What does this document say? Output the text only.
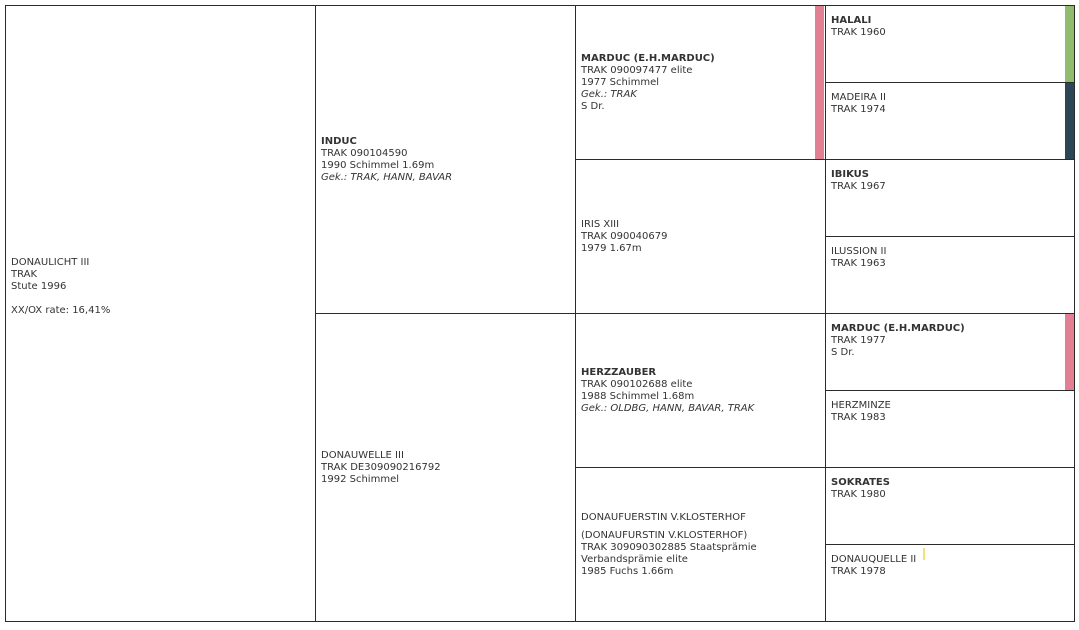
DONAULICHT III
TRAK
Stute 1996
XX/OX rate: 16,41%
INDUC
TRAK 090104590
1990 Schimmel 1.69m
Gek.: TRAK, HANN, BAVAR
DONAUWELLE III
TRAK DE309090216792
1992 Schimmel
MARDUC (E.H.MARDUC)
TRAK 090097477 elite
1977 Schimmel
Gek.: TRAK
S Dr.
IRIS XIII
TRAK 090040679
1979 1.67m
HERZZAUBER
TRAK 090102688 elite
1988 Schimmel 1.68m
Gek.: OLDBG, HANN, BAVAR, TRAK
DONAUFUERSTIN V.KLOSTERHOF
(DONAUFURSTIN V.KLOSTERHOF)
TRAK 309090302885 Staatsprämie
Verbandsprämie elite
1985 Fuchs 1.66m
HALALI
TRAK 1960
MADEIRA II
TRAK 1974
IBIKUS
TRAK 1967
ILUSSION II
TRAK 1963
MARDUC (E.H.MARDUC)
TRAK 1977
S Dr.
HERZMINZE
TRAK 1983
SOKRATES
TRAK 1980
DONAUQUELLE II
TRAK 1978
